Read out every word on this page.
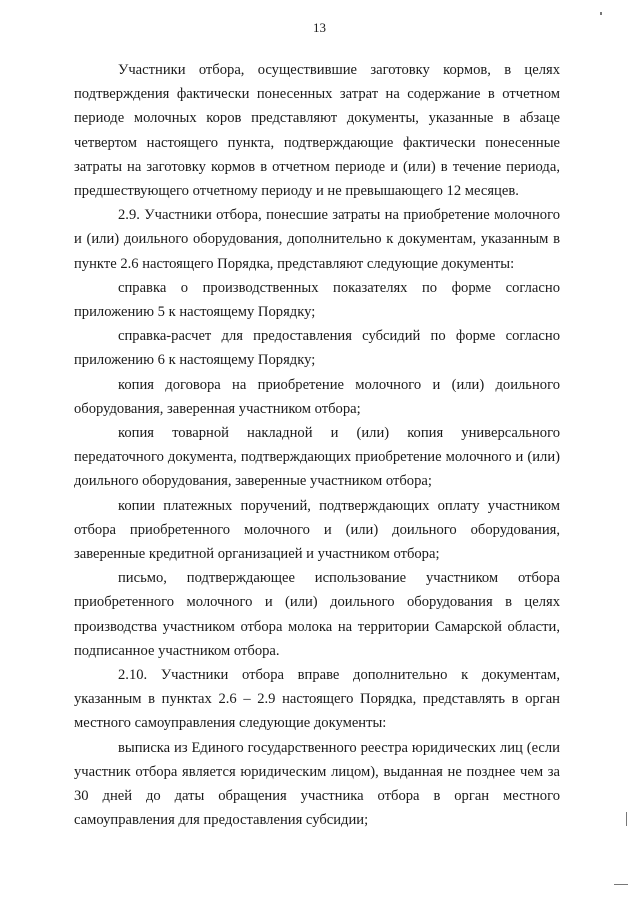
13

Участники отбора, осуществившие заготовку кормов, в целях подтверждения фактически понесенных затрат на содержание в отчетном периоде молочных коров представляют документы, указанные в абзаце четвертом настоящего пункта, подтверждающие фактически понесенные затраты на заготовку кормов в отчетном периоде и (или) в течение периода, предшествующего отчетному периоду и не превышающего 12 месяцев.

2.9. Участники отбора, понесшие затраты на приобретение молочного и (или) доильного оборудования, дополнительно к документам, указанным в пункте 2.6 настоящего Порядка, представляют следующие документы:

справка о производственных показателях по форме согласно приложению 5 к настоящему Порядку;

справка-расчет для предоставления субсидий по форме согласно приложению 6 к настоящему Порядку;

копия договора на приобретение молочного и (или) доильного оборудования, заверенная участником отбора;

копия товарной накладной и (или) копия универсального передаточного документа, подтверждающих приобретение молочного и (или) доильного оборудования, заверенные участником отбора;

копии платежных поручений, подтверждающих оплату участником отбора приобретенного молочного и (или) доильного оборудования, заверенные кредитной организацией и участником отбора;

письмо, подтверждающее использование участником отбора приобретенного молочного и (или) доильного оборудования в целях производства участником отбора молока на территории Самарской области, подписанное участником отбора.

2.10. Участники отбора вправе дополнительно к документам, указанным в пунктах 2.6 – 2.9 настоящего Порядка, представлять в орган местного самоуправления следующие документы:

выписка из Единого государственного реестра юридических лиц (если участник отбора является юридическим лицом), выданная не позднее чем за 30 дней до даты обращения участника отбора в орган местного самоуправления для предоставления субсидии;
